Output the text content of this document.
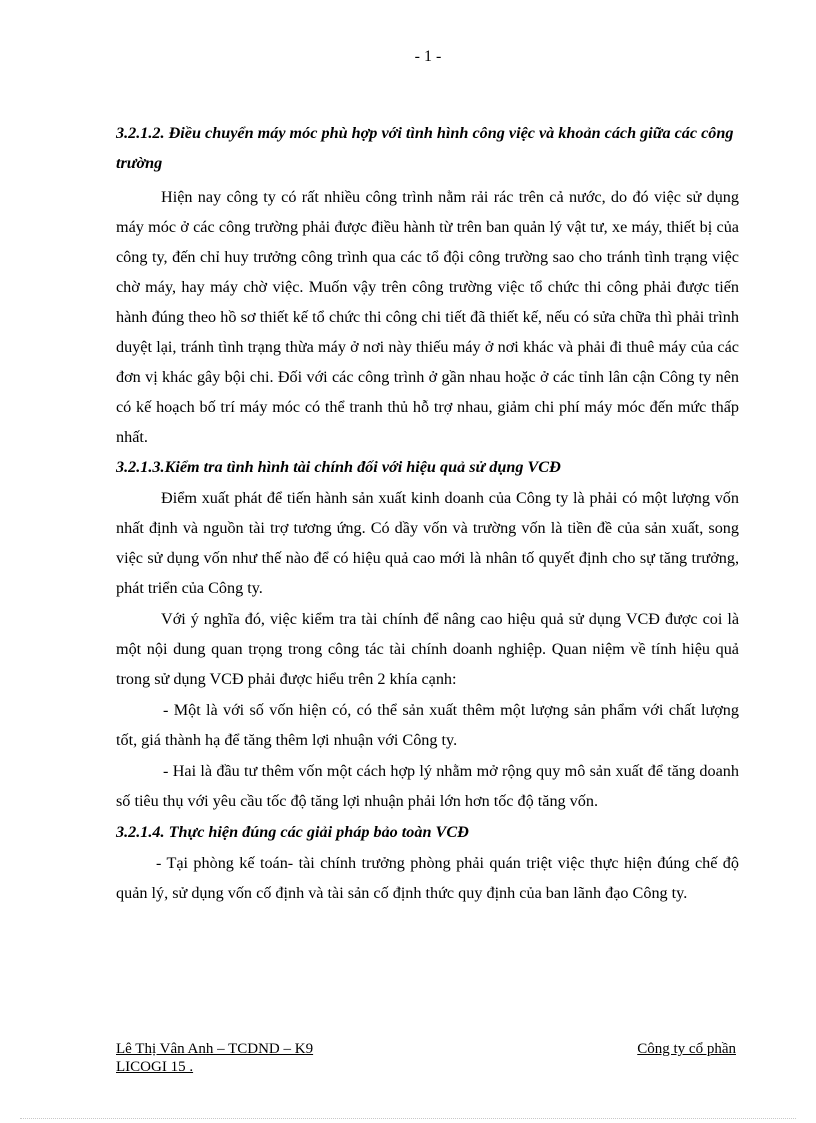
- 1 -

3.2.1.2. Điều chuyển máy móc phù hợp với tình hình công việc và khoản cách giữa các công trường

Hiện nay công ty có rất nhiều công trình nằm rải rác trên cả nước, do đó việc sử dụng máy móc ở các công trường phải được điều hành từ trên ban quản lý vật tư, xe máy, thiết bị của công ty, đến chỉ huy trưởng công trình qua các tổ đội công trường sao cho tránh tình trạng việc chờ máy, hay máy chờ việc. Muốn vậy trên công trường việc tổ chức thi công phải được tiến hành đúng theo hồ sơ thiết kế tổ chức thi công chi tiết đã thiết kế, nếu có sửa chữa thì phải trình duyệt lại, tránh tình trạng thừa máy ở nơi này thiếu máy ở nơi khác và phải đi thuê máy của các đơn vị khác gây bội chi. Đối với các công trình ở gần nhau hoặc ở các tỉnh lân cận Công ty nên có kế hoạch bố trí máy móc có thể tranh thủ hỗ trợ nhau, giảm chi phí máy móc đến mức thấp nhất.

3.2.1.3.Kiểm tra tình hình tài chính đối với hiệu quả sử dụng VCĐ

Điểm xuất phát để tiến hành sản xuất kinh doanh của Công ty là phải có một lượng vốn nhất định và nguồn tài trợ tương ứng. Có dầy vốn và trường vốn là tiền đề của sản xuất, song việc sử dụng vốn như thế nào để có hiệu quả cao mới là nhân tố quyết định cho sự tăng trưởng, phát triển của Công ty.

Với ý nghĩa đó, việc kiểm tra tài chính để nâng cao hiệu quả sử dụng VCĐ được coi là một nội dung quan trọng trong công tác tài chính doanh nghiệp. Quan niệm về tính hiệu quả trong sử dụng VCĐ phải được hiểu trên 2 khía cạnh:

- Một là với số vốn hiện có, có thể sản xuất thêm một lượng sản phẩm với chất lượng tốt, giá thành hạ để tăng thêm lợi nhuận với Công ty.

- Hai là đầu tư thêm vốn một cách hợp lý nhằm mở rộng quy mô sản xuất để tăng doanh số tiêu thụ với yêu cầu tốc độ tăng lợi nhuận phải lớn hơn tốc độ tăng vốn.

3.2.1.4. Thực hiện đúng các giải pháp bảo toàn VCĐ

- Tại phòng kế toán- tài chính trưởng phòng phải quán triệt việc thực hiện đúng chế độ quản lý, sử dụng vốn cố định và tài sản cố định thức quy định của ban lãnh đạo Công ty.

Lê Thị Vân Anh – TCDND – K9	Công ty cổ phần
LICOGI 15 .
